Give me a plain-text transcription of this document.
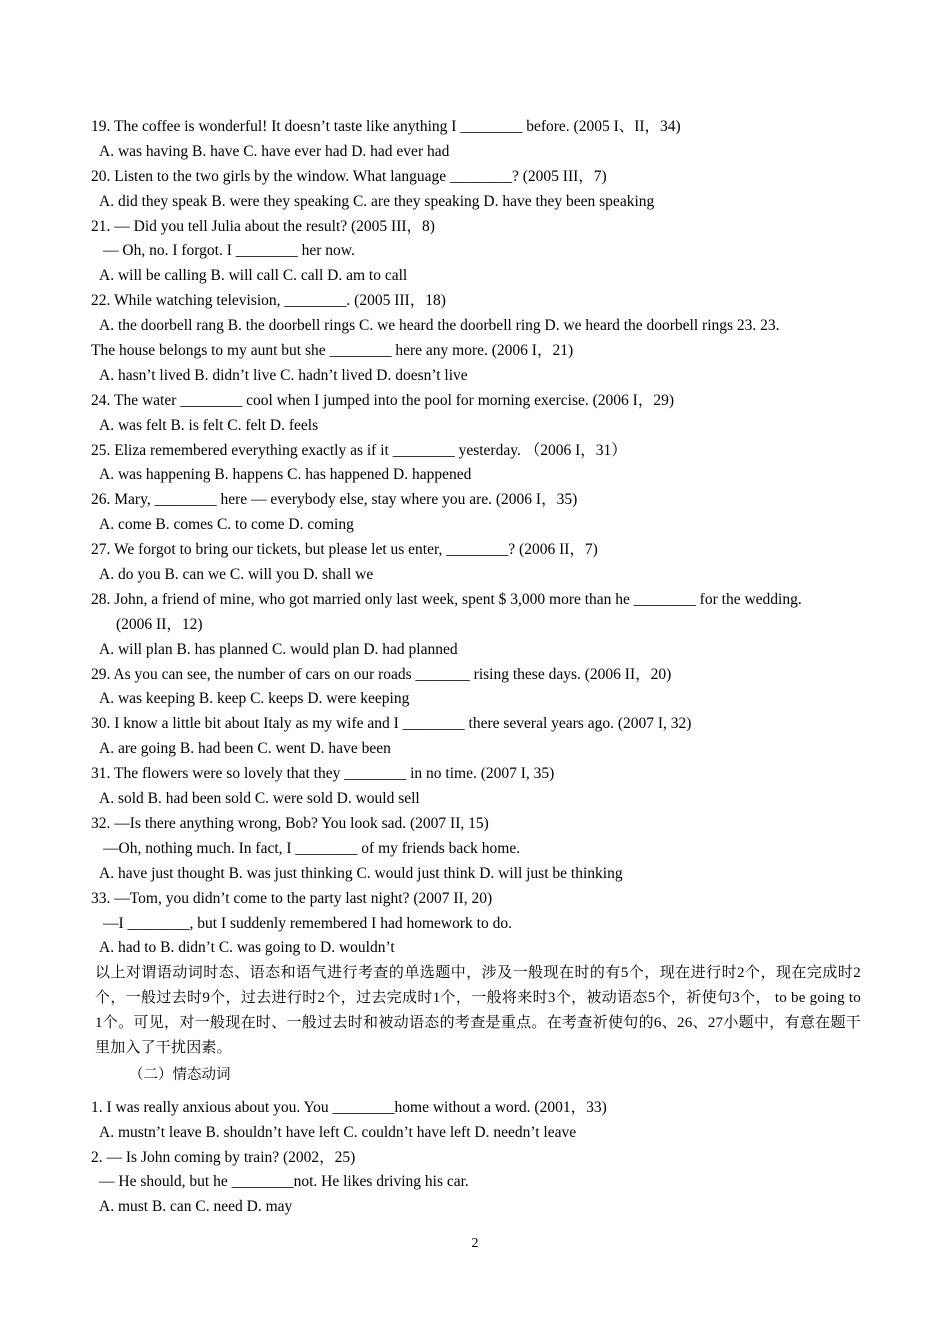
19. The coffee is wonderful! It doesn’t taste like anything I ________ before. (2005 I、II，34)
A. was having B. have C. have ever had D. had ever had
20. Listen to the two girls by the window. What language ________? (2005 III，7)
A. did they speak B. were they speaking C. are they speaking D. have they been speaking
21. — Did you tell Julia about the result? (2005 III，8)
— Oh, no. I forgot. I ________ her now.
A. will be calling B. will call C. call D. am to call
22. While watching television, ________. (2005 III，18)
A. the doorbell rang B. the doorbell rings C. we heard the doorbell ring D. we heard the doorbell rings 23. 23.
The house belongs to my aunt but she ________ here any more. (2006 I，21)
A. hasn’t lived B. didn’t live C. hadn’t lived D. doesn’t live
24. The water ________ cool when I jumped into the pool for morning exercise. (2006 I，29)
A. was felt B. is felt C. felt D. feels
25. Eliza remembered everything exactly as if it ________ yesterday. （2006 I，31）
A. was happening B. happens C. has happened D. happened
26. Mary, ________ here — everybody else, stay where you are. (2006 I，35)
A. come B. comes C. to come D. coming
27. We forgot to bring our tickets, but please let us enter, ________? (2006 II，7)
A. do you B. can we C. will you D. shall we
28. John, a friend of mine, who got married only last week, spent $ 3,000 more than he ________ for the wedding.
(2006 II，12)
A. will plan B. has planned C. would plan D. had planned
29. As you can see, the number of cars on our roads _______ rising these days. (2006 II，20)
A. was keeping B. keep C. keeps D. were keeping
30. I know a little bit about Italy as my wife and I ________ there several years ago. (2007 I, 32)
A. are going B. had been C. went D. have been
31. The flowers were so lovely that they ________ in no time. (2007 I, 35)
A. sold B. had been sold C. were sold D. would sell
32. —Is there anything wrong, Bob? You look sad. (2007 II, 15)
—Oh, nothing much. In fact, I ________ of my friends back home.
A. have just thought B. was just thinking C. would just think D. will just be thinking
33. —Tom, you didn’t come to the party last night? (2007 II, 20)
—I ________, but I suddenly remembered I had homework to do.
A. had to B. didn’t C. was going to D. wouldn’t
以上对谓语动词时态、语态和语气进行考查的单选题中，涉及一般现在时的有5个，现在进行时2个，现在完成时2个，一般过去时9个，过去进行时2个，过去完成时1个，一般将来时3个，被动语态5个，祈使句3个， to be going to 1个。可见，对一般现在时、一般过去时和被动语态的考查是重点。在考查祈使句的6、26、27小题中，有意在题干里加入了干扰因素。
（二）情态动词
1. I was really anxious about you. You ________home without a word. (2001，33)
A. mustn’t leave B. shouldn’t have left C. couldn’t have left D. needn’t leave
2. — Is John coming by train? (2002，25)
— He should, but he ________not. He likes driving his car.
A. must B. can C. need D. may
2
